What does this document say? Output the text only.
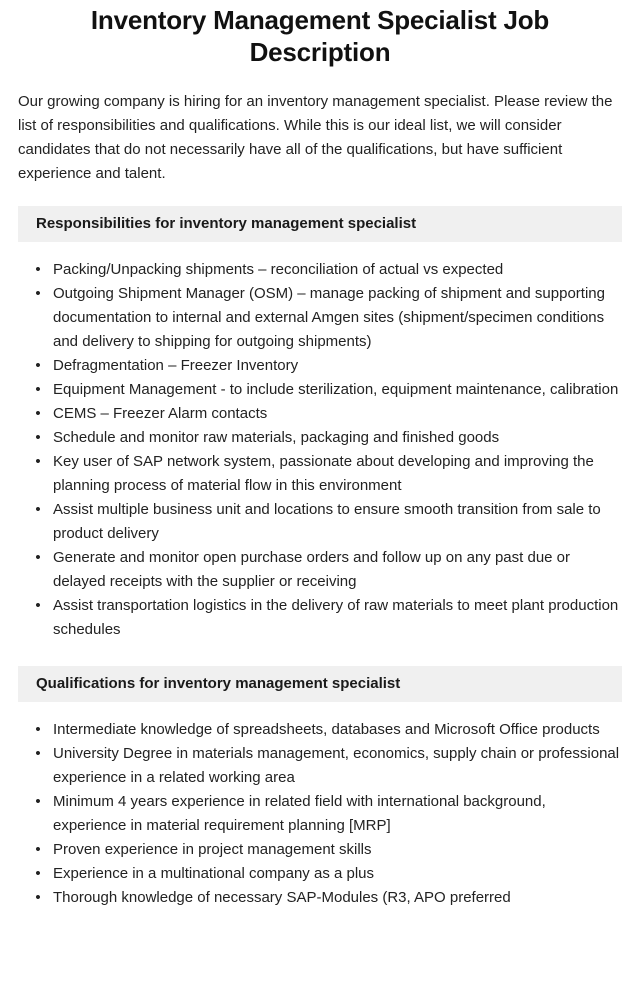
Inventory Management Specialist Job Description

Our growing company is hiring for an inventory management specialist. Please review the list of responsibilities and qualifications. While this is our ideal list, we will consider candidates that do not necessarily have all of the qualifications, but have sufficient experience and talent.

Responsibilities for inventory management specialist
• Packing/Unpacking shipments – reconciliation of actual vs expected
• Outgoing Shipment Manager (OSM) – manage packing of shipment and supporting documentation to internal and external Amgen sites (shipment/specimen conditions and delivery to shipping for outgoing shipments)
• Defragmentation – Freezer Inventory
• Equipment Management - to include sterilization, equipment maintenance, calibration
• CEMS – Freezer Alarm contacts
• Schedule and monitor raw materials, packaging and finished goods
• Key user of SAP network system, passionate about developing and improving the planning process of material flow in this environment
• Assist multiple business unit and locations to ensure smooth transition from sale to product delivery
• Generate and monitor open purchase orders and follow up on any past due or delayed receipts with the supplier or receiving
• Assist transportation logistics in the delivery of raw materials to meet plant production schedules
Qualifications for inventory management specialist
• Intermediate knowledge of spreadsheets, databases and Microsoft Office products
• University Degree in materials management, economics, supply chain or professional experience in a related working area
• Minimum 4 years experience in related field with international background, experience in material requirement planning [MRP]
• Proven experience in project management skills
• Experience in a multinational company as a plus
• Thorough knowledge of necessary SAP-Modules (R3, APO preferred
